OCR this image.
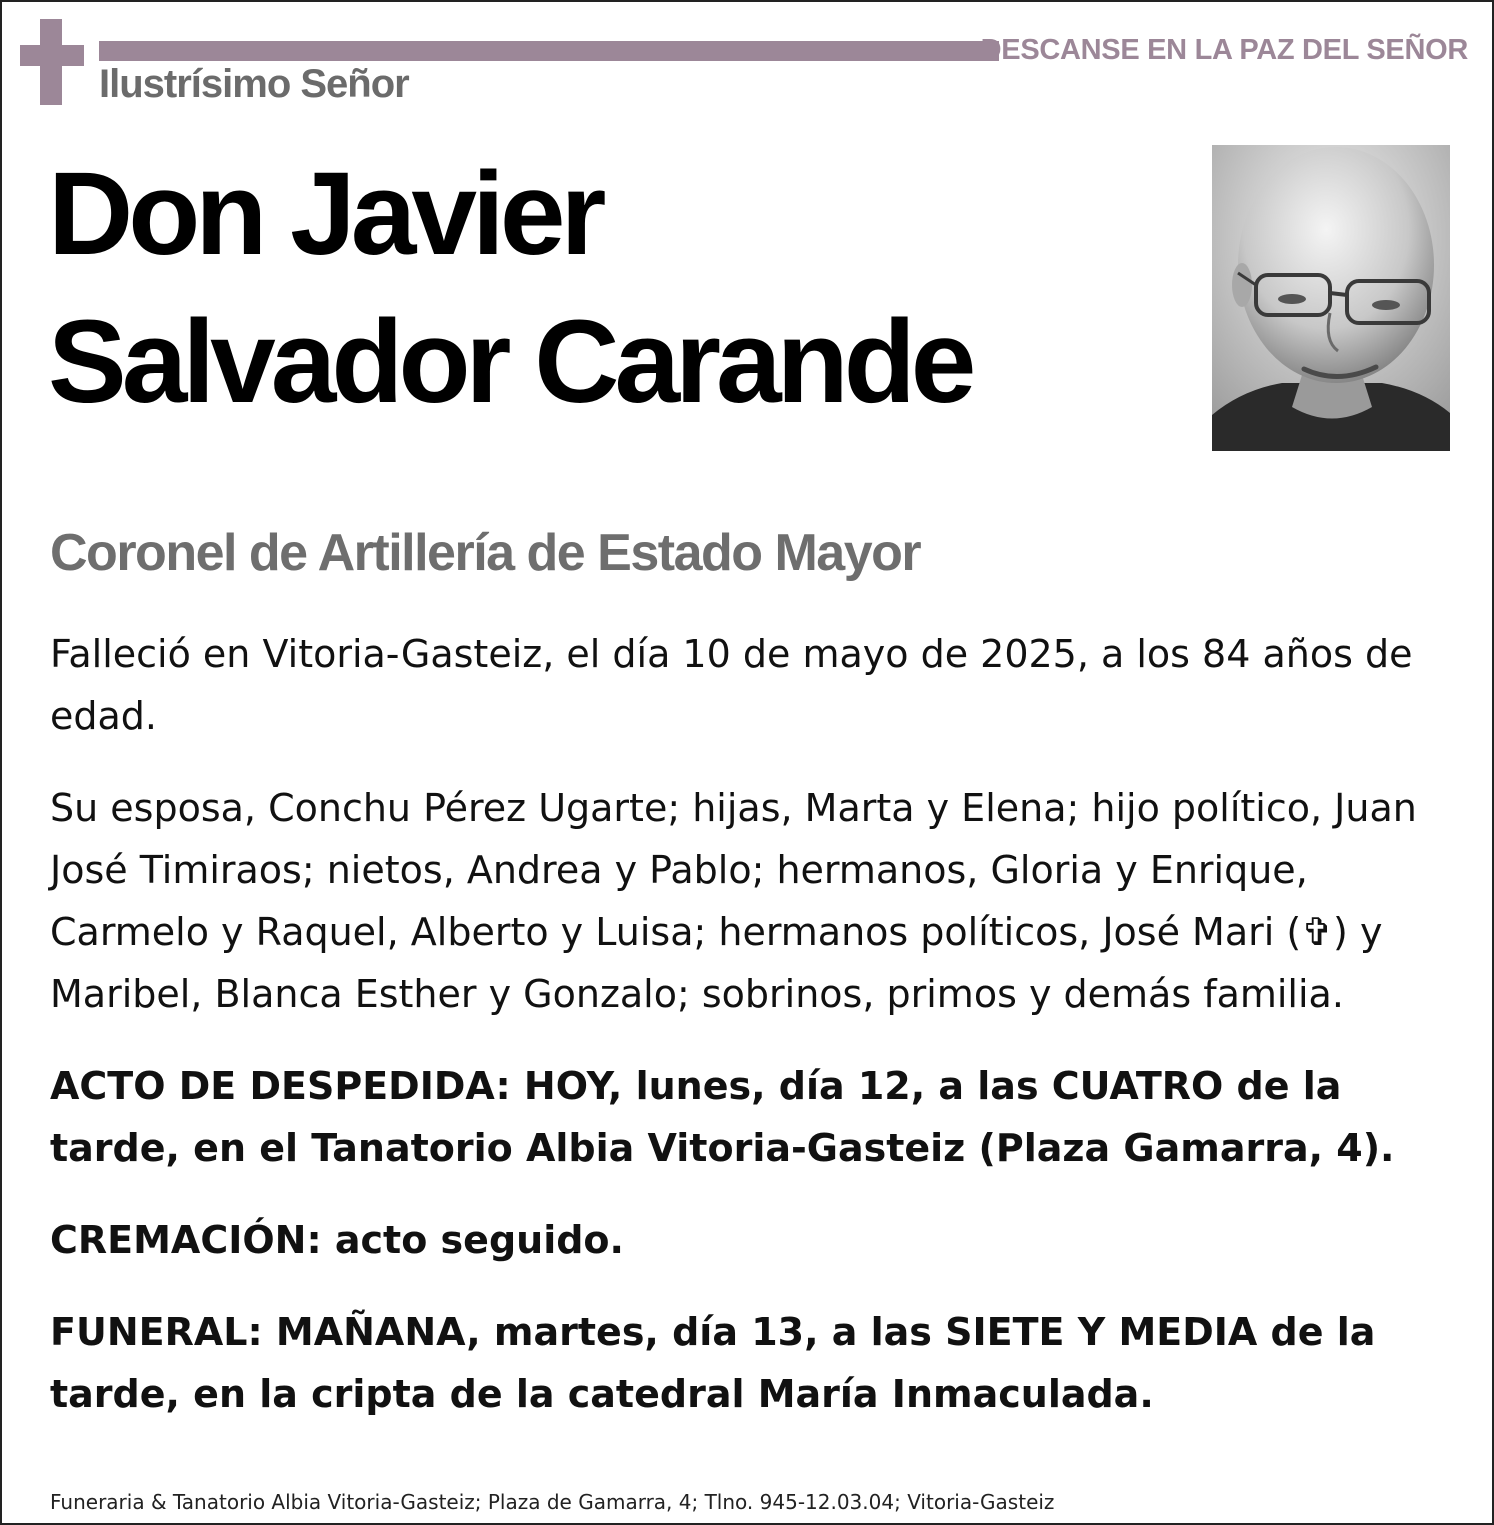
DESCANSE EN LA PAZ DEL SEÑOR
Ilustrísimo Señor
Don Javier
Salvador Carande
Coronel de Artillería de Estado Mayor

Falleció en Vitoria-Gasteiz, el día 10 de mayo de 2025, a los 84 años de edad.

Su esposa, Conchu Pérez Ugarte; hijas, Marta y Elena; hijo político, Juan José Timiraos; nietos, Andrea y Pablo; hermanos, Gloria y Enrique, Carmelo y Raquel, Alberto y Luisa; hermanos políticos, José Mari (✞) y Maribel, Blanca Esther y Gonzalo; sobrinos, primos y demás familia.

ACTO DE DESPEDIDA: HOY, lunes, día 12, a las CUATRO de la tarde, en el Tanatorio Albia Vitoria-Gasteiz (Plaza Gamarra, 4).

CREMACIÓN: acto seguido.

FUNERAL: MAÑANA, martes, día 13, a las SIETE Y MEDIA de la tarde, en la cripta de la catedral María Inmaculada.

Funeraria & Tanatorio Albia Vitoria-Gasteiz; Plaza de Gamarra, 4; Tlno. 945-12.03.04; Vitoria-Gasteiz
